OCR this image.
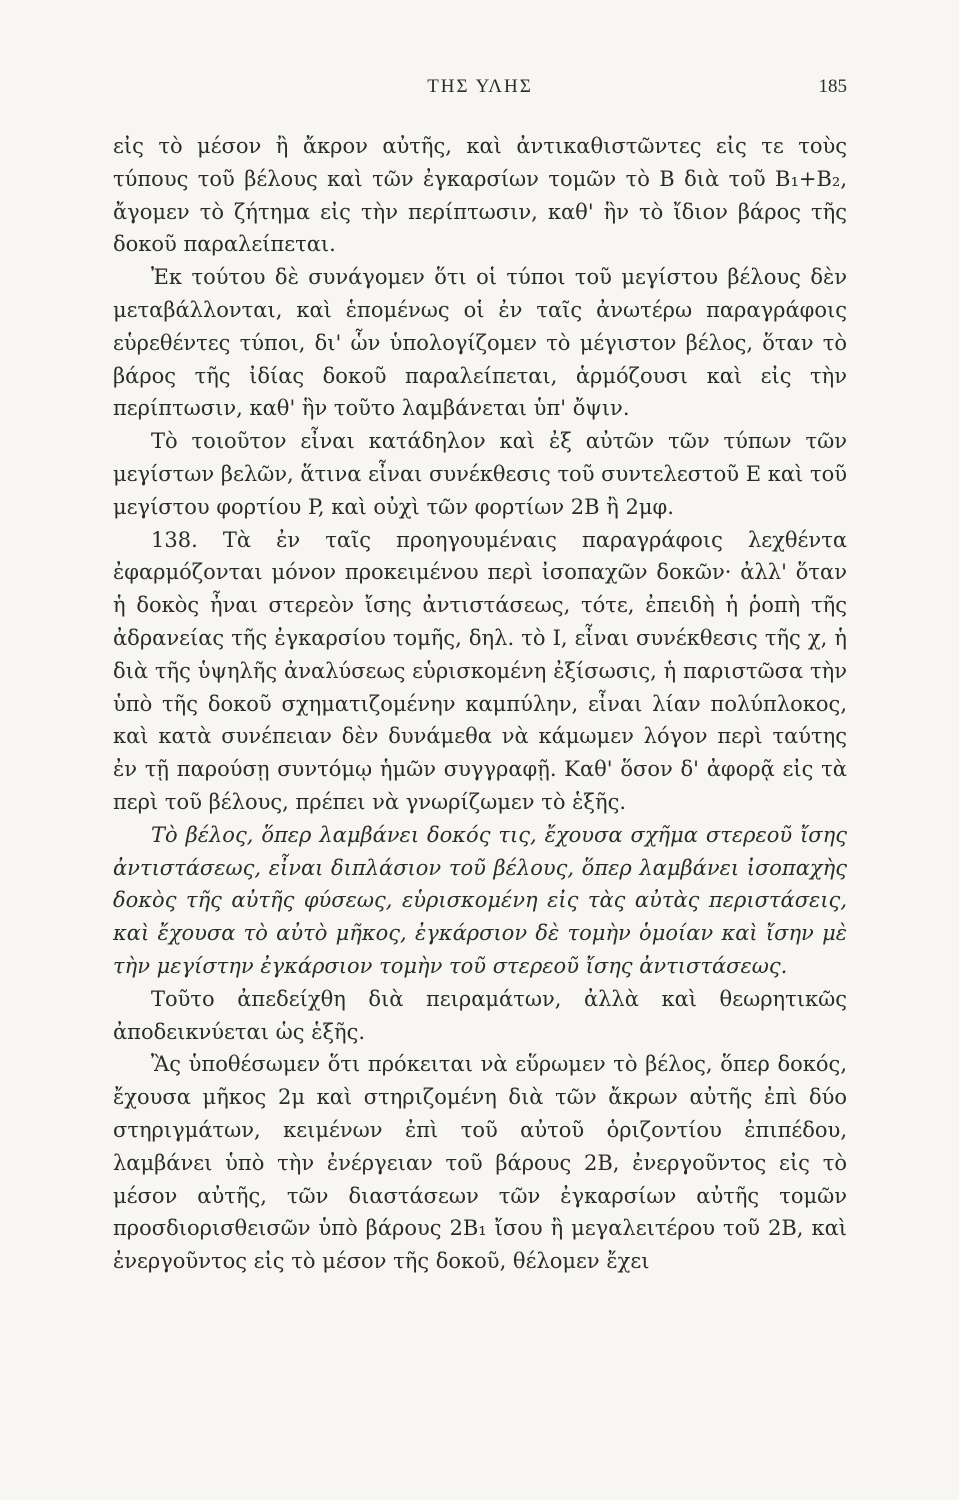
ΤΗΣ ΥΛΗΣ	185

εἰς τὸ μέσον ἢ ἄκρον αὐτῆς, καὶ ἀντικαθιστῶντες εἰς τε τοὺς τύπους τοῦ βέλους καὶ τῶν ἐγκαρσίων τομῶν τὸ B διὰ τοῦ B₁+B₂, ἄγομεν τὸ ζήτημα εἰς τὴν περίπτωσιν, καθ' ἣν τὸ ἴδιον βάρος τῆς δοκοῦ παραλείπεται.

Ἐκ τούτου δὲ συνάγομεν ὅτι οἱ τύποι τοῦ μεγίστου βέλους δὲν μεταβάλλονται, καὶ ἑπομένως οἱ ἐν ταῖς ἀνωτέρω παραγράφοις εὑρεθέντες τύποι, δι' ὧν ὑπολογίζομεν τὸ μέγιστον βέλος, ὅταν τὸ βάρος τῆς ἰδίας δοκοῦ παραλείπεται, ἁρμόζουσι καὶ εἰς τὴν περίπτωσιν, καθ' ἣν τοῦτο λαμβάνεται ὑπ' ὄψιν.

Τὸ τοιοῦτον εἶναι κατάδηλον καὶ ἐξ αὐτῶν τῶν τύπων τῶν μεγίστων βελῶν, ἅτινα εἶναι συνέκθεσις τοῦ συντελεστοῦ E καὶ τοῦ μεγίστου φορτίου P, καὶ οὐχὶ τῶν φορτίων 2B ἢ 2μφ.

138. Τὰ ἐν ταῖς προηγουμέναις παραγράφοις λεχθέντα ἐφαρμόζονται μόνον προκειμένου περὶ ἰσοπαχῶν δοκῶν· ἀλλ' ὅταν ἡ δοκὸς ἦναι στερεὸν ἴσης ἀντιστάσεως, τότε, ἐπειδὴ ἡ ῥοπὴ τῆς ἀδρανείας τῆς ἐγκαρσίου τομῆς, δηλ. τὸ I, εἶναι συνέκθεσις τῆς χ, ἡ διὰ τῆς ὑψηλῆς ἀναλύσεως εὑρισκομένη ἐξίσωσις, ἡ παριστῶσα τὴν ὑπὸ τῆς δοκοῦ σχηματιζομένην καμπύλην, εἶναι λίαν πολύπλοκος, καὶ κατὰ συνέπειαν δὲν δυνάμεθα νὰ κάμωμεν λόγον περὶ ταύτης ἐν τῇ παρούσῃ συντόμῳ ἡμῶν συγγραφῇ. Καθ' ὅσον δ' ἀφορᾷ εἰς τὰ περὶ τοῦ βέλους, πρέπει νὰ γνωρίζωμεν τὸ ἑξῆς.

Τὸ βέλος, ὅπερ λαμβάνει δοκός τις, ἔχουσα σχῆμα στερεοῦ ἴσης ἀντιστάσεως, εἶναι διπλάσιον τοῦ βέλους, ὅπερ λαμβάνει ἰσοπαχὴς δοκὸς τῆς αὐτῆς φύσεως, εὑρισκομένη εἰς τὰς αὐτὰς περιστάσεις, καὶ ἔχουσα τὸ αὐτὸ μῆκος, ἐγκάρσιον δὲ τομὴν ὁμοίαν καὶ ἴσην μὲ τὴν μεγίστην ἐγκάρσιον τομὴν τοῦ στερεοῦ ἴσης ἀντιστάσεως.

Τοῦτο ἀπεδείχθη διὰ πειραμάτων, ἀλλὰ καὶ θεωρητικῶς ἀποδεικνύεται ὡς ἑξῆς.

Ἂς ὑποθέσωμεν ὅτι πρόκειται νὰ εὕρωμεν τὸ βέλος, ὅπερ δοκός, ἔχουσα μῆκος 2μ καὶ στηριζομένη διὰ τῶν ἄκρων αὐτῆς ἐπὶ δύο στηριγμάτων, κειμένων ἐπὶ τοῦ αὐτοῦ ὁριζοντίου ἐπιπέδου, λαμβάνει ὑπὸ τὴν ἐνέργειαν τοῦ βάρους 2B, ἐνεργοῦντος εἰς τὸ μέσον αὐτῆς, τῶν διαστάσεων τῶν ἐγκαρσίων αὐτῆς τομῶν προσδιορισθεισῶν ὑπὸ βάρους 2B₁ ἴσου ἢ μεγαλειτέρου τοῦ 2B, καὶ ἐνεργοῦντος εἰς τὸ μέσον τῆς δοκοῦ, θέλομεν ἔχει
